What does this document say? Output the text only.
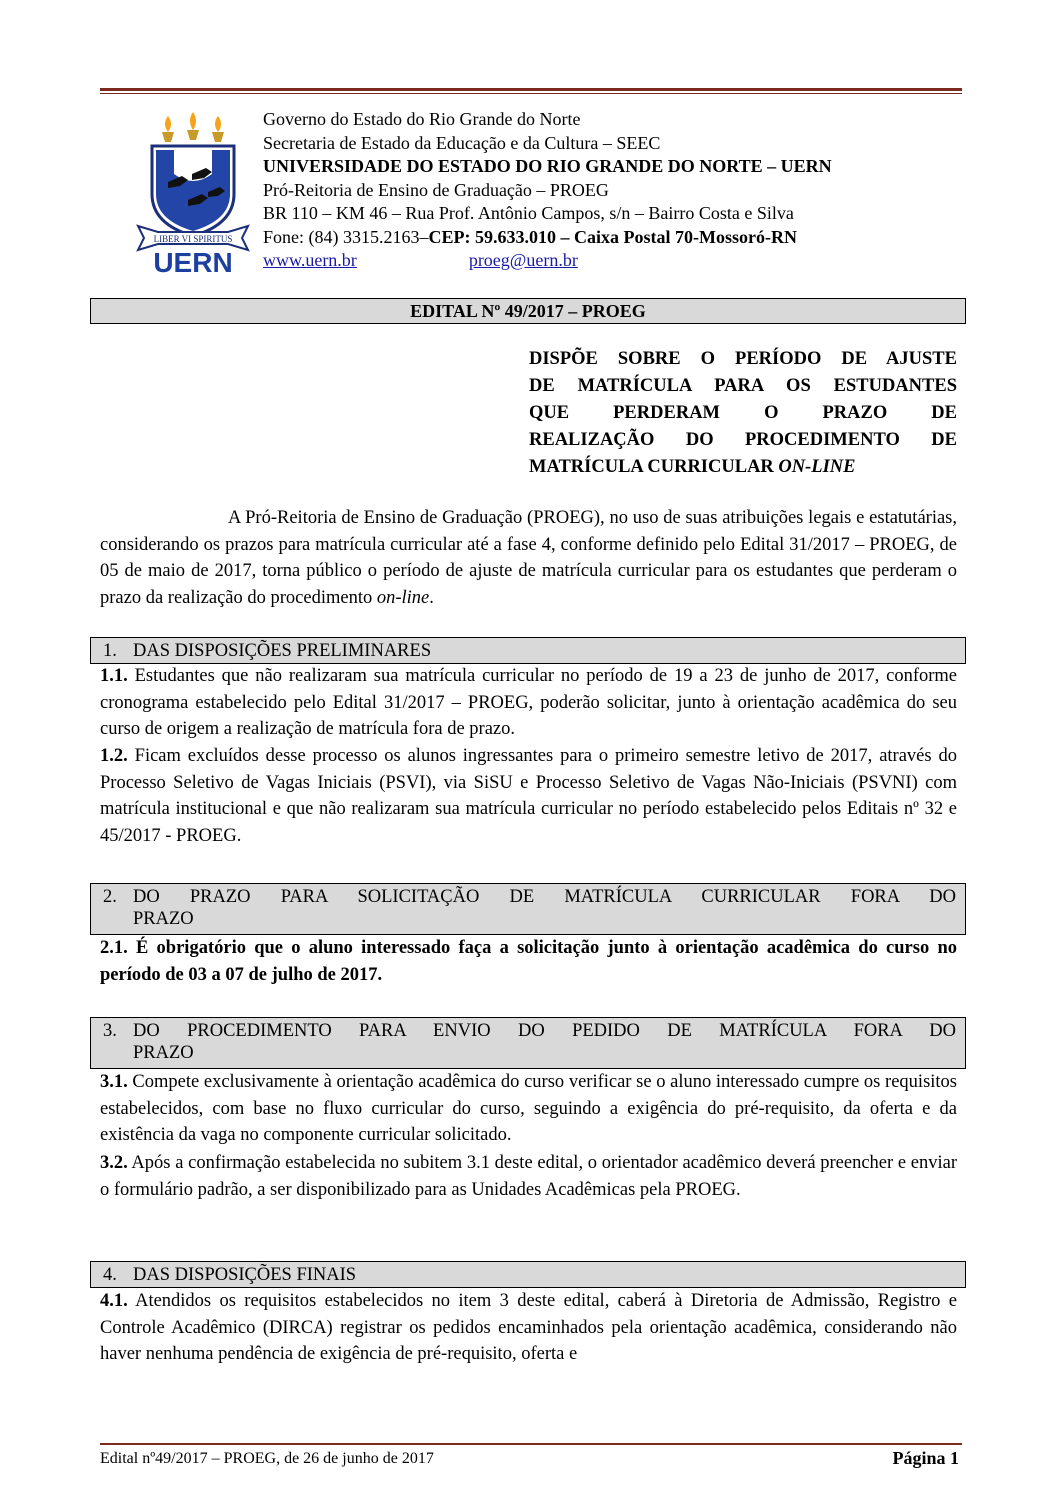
LIBER VI SPIRITUS
UERN
Governo do Estado do Rio Grande do Norte
Secretaria de Estado da Educação e da Cultura – SEEC
UNIVERSIDADE DO ESTADO DO RIO GRANDE DO NORTE – UERN
Pró-Reitoria de Ensino de Graduação – PROEG
BR 110 – KM 46 – Rua Prof. Antônio Campos, s/n – Bairro Costa e Silva
Fone: (84) 3315.2163–CEP: 59.633.010 – Caixa Postal 70-Mossoró-RN
www.uern.br	proeg@uern.br
EDITAL Nº 49/2017 – PROEG
DISPÕE SOBRE O PERÍODO DE AJUSTE
DE MATRÍCULA PARA OS ESTUDANTES
QUE PERDERAM O PRAZO DE
REALIZAÇÃO DO PROCEDIMENTO DE
MATRÍCULA CURRICULAR ON-LINE
A Pró-Reitoria de Ensino de Graduação (PROEG), no uso de suas atribuições legais e estatutárias, considerando os prazos para matrícula curricular até a fase 4, conforme definido pelo Edital 31/2017 – PROEG, de 05 de maio de 2017, torna público o período de ajuste de matrícula curricular para os estudantes que perderam o prazo da realização do procedimento on-line.
1. DAS DISPOSIÇÕES PRELIMINARES
1.1. Estudantes que não realizaram sua matrícula curricular no período de 19 a 23 de junho de 2017, conforme cronograma estabelecido pelo Edital 31/2017 – PROEG, poderão solicitar, junto à orientação acadêmica do seu curso de origem a realização de matrícula fora de prazo.
1.2. Ficam excluídos desse processo os alunos ingressantes para o primeiro semestre letivo de 2017, através do Processo Seletivo de Vagas Iniciais (PSVI), via SiSU e Processo Seletivo de Vagas Não-Iniciais (PSVNI) com matrícula institucional e que não realizaram sua matrícula curricular no período estabelecido pelos Editais nº 32 e 45/2017 - PROEG.
2. DO PRAZO PARA SOLICITAÇÃO DE MATRÍCULA CURRICULAR FORA DO
PRAZO
2.1. É obrigatório que o aluno interessado faça a solicitação junto à orientação acadêmica do curso no período de 03 a 07 de julho de 2017.
3. DO PROCEDIMENTO PARA ENVIO DO PEDIDO DE MATRÍCULA FORA DO
PRAZO
3.1. Compete exclusivamente à orientação acadêmica do curso verificar se o aluno interessado cumpre os requisitos estabelecidos, com base no fluxo curricular do curso, seguindo a exigência do pré-requisito, da oferta e da existência da vaga no componente curricular solicitado.
3.2. Após a confirmação estabelecida no subitem 3.1 deste edital, o orientador acadêmico deverá preencher e enviar o formulário padrão, a ser disponibilizado para as Unidades Acadêmicas pela PROEG.
4. DAS DISPOSIÇÕES FINAIS
4.1. Atendidos os requisitos estabelecidos no item 3 deste edital, caberá à Diretoria de Admissão, Registro e Controle Acadêmico (DIRCA) registrar os pedidos encaminhados pela orientação acadêmica, considerando não haver nenhuma pendência de exigência de pré-requisito, oferta e
Edital nº49/2017 – PROEG, de 26 de junho de 2017	Página 1
